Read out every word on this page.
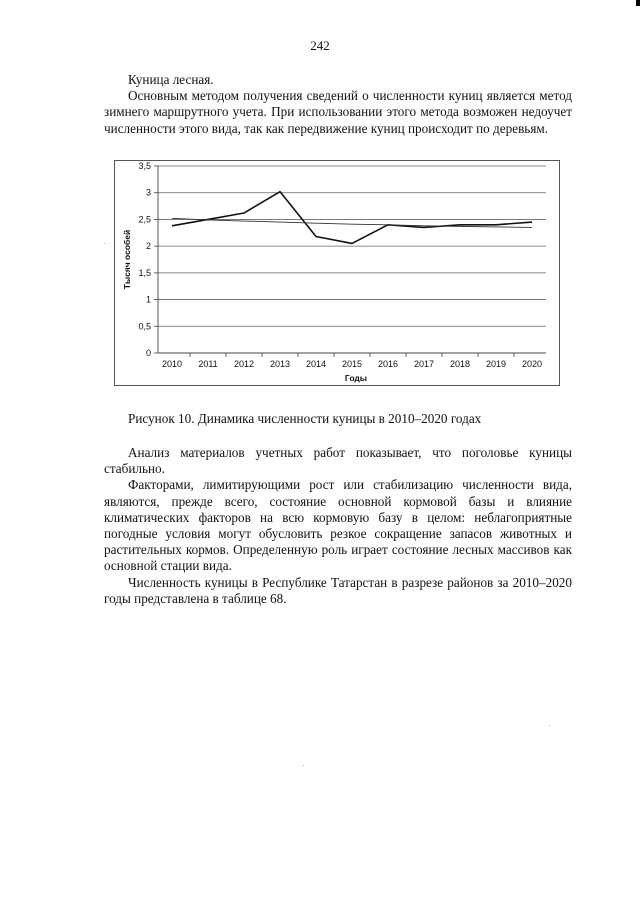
242

Куница лесная.

Основным методом получения сведений о численности куниц является метод зимнего маршрутного учета. При использовании этого метода возможен недоучет численности этого вида, так как передвижение куниц происходит по деревьям.

0
0,5
1
1,5
2
2,5
3
3,5
2010 2011 2012 2013 2014 2015 2016 2017 2018 2019 2020
Годы
Тысяч особей
Рисунок 10. Динамика численности куницы в 2010–2020 годах

Анализ материалов учетных работ показывает, что поголовье куницы стабильно.

Факторами, лимитирующими рост или стабилизацию численности вида, являются, прежде всего, состояние основной кормовой базы и влияние климатических факторов на всю кормовую базу в целом: неблагоприятные погодные условия могут обусловить резкое сокращение запасов животных и растительных кормов. Определенную роль играет состояние лесных массивов как основной стации вида.

Численность куницы в Республике Татарстан в разрезе районов за 2010–2020 годы представлена в таблице 68.
